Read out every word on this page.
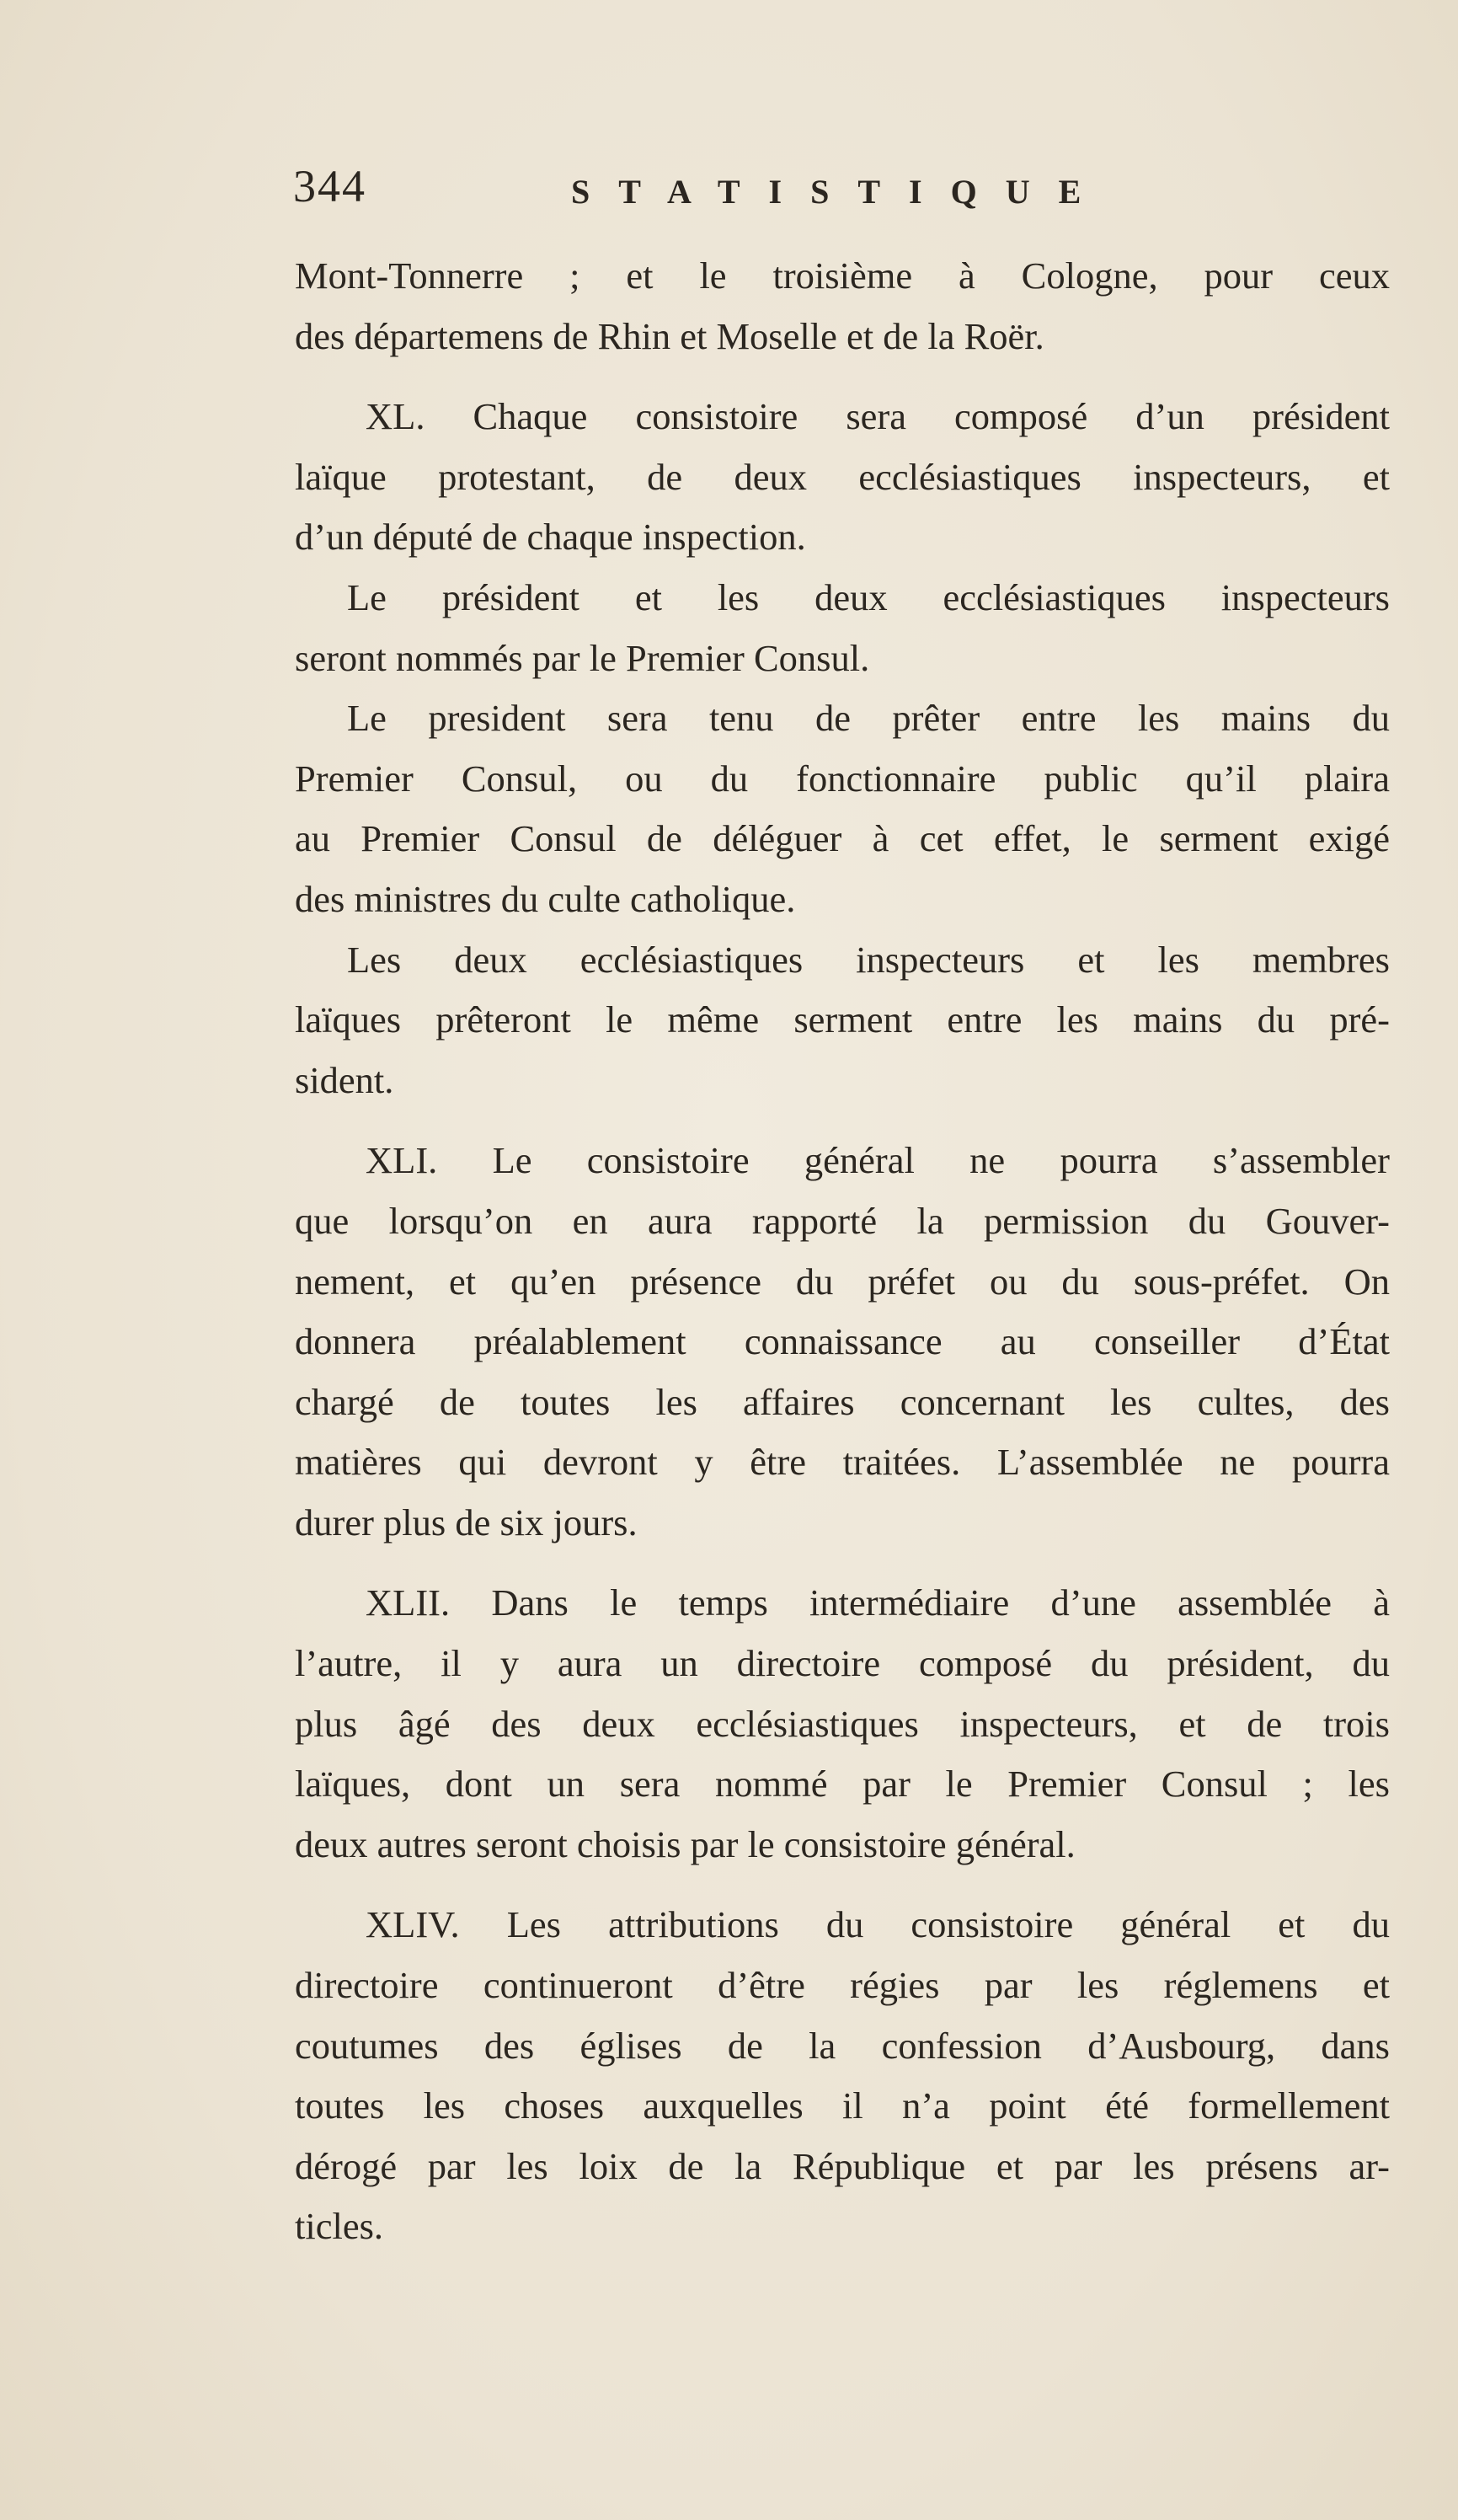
344	STATISTIQUE
Mont-Tonnerre ; et le troisième à Cologne, pour ceux
des départemens de Rhin et Moselle et de la Roër.
XL. Chaque consistoire sera composé d’un président
laïque protestant, de deux ecclésiastiques inspecteurs, et
d’un député de chaque inspection.
Le président et les deux ecclésiastiques inspecteurs
seront nommés par le Premier Consul.
Le president sera tenu de prêter entre les mains du
Premier Consul, ou du fonctionnaire public qu’il plaira
au Premier Consul de déléguer à cet effet, le serment exigé
des ministres du culte catholique.
Les deux ecclésiastiques inspecteurs et les membres
laïques prêteront le même serment entre les mains du pré-
sident.
XLI. Le consistoire général ne pourra s’assembler
que lorsqu’on en aura rapporté la permission du Gouver-
nement, et qu’en présence du préfet ou du sous-préfet. On
donnera préalablement connaissance au conseiller d’État
chargé de toutes les affaires concernant les cultes, des
matières qui devront y être traitées. L’assemblée ne pourra
durer plus de six jours.
XLII. Dans le temps intermédiaire d’une assemblée à
l’autre, il y aura un directoire composé du président, du
plus âgé des deux ecclésiastiques inspecteurs, et de trois
laïques, dont un sera nommé par le Premier Consul ; les
deux autres seront choisis par le consistoire général.
XLIV. Les attributions du consistoire général et du
directoire continueront d’être régies par les réglemens et
coutumes des églises de la confession d’Ausbourg, dans
toutes les choses auxquelles il n’a point été formellement
dérogé par les loix de la République et par les présens ar-
ticles.
